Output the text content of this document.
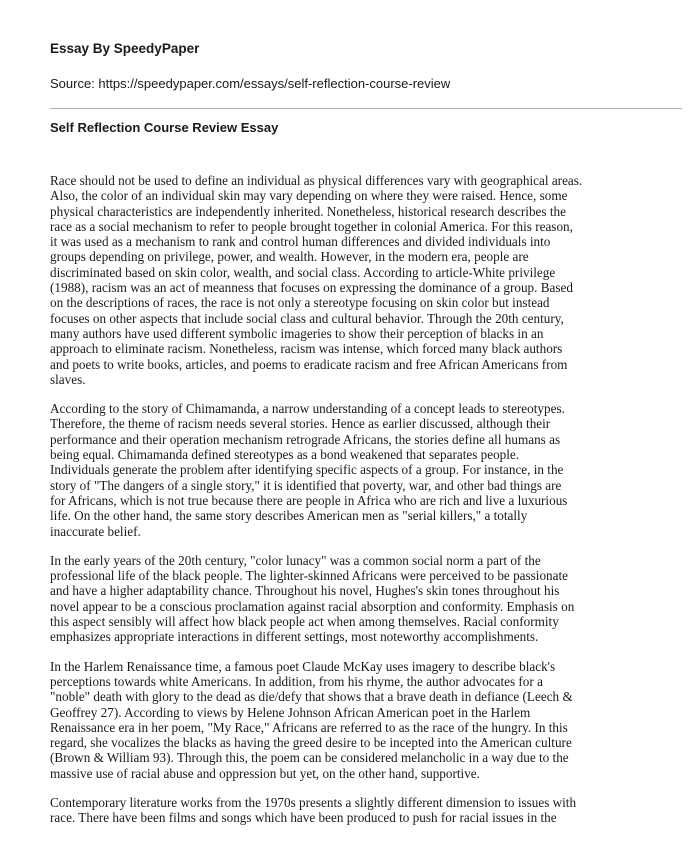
Essay By SpeedyPaper
Source: https://speedypaper.com/essays/self-reflection-course-review
Self Reflection Course Review Essay

Race should not be used to define an individual as physical differences vary with geographical areas.
Also, the color of an individual skin may vary depending on where they were raised. Hence, some
physical characteristics are independently inherited. Nonetheless, historical research describes the
race as a social mechanism to refer to people brought together in colonial America. For this reason,
it was used as a mechanism to rank and control human differences and divided individuals into
groups depending on privilege, power, and wealth. However, in the modern era, people are
discriminated based on skin color, wealth, and social class. According to article-White privilege
(1988), racism was an act of meanness that focuses on expressing the dominance of a group. Based
on the descriptions of races, the race is not only a stereotype focusing on skin color but instead
focuses on other aspects that include social class and cultural behavior. Through the 20th century,
many authors have used different symbolic imageries to show their perception of blacks in an
approach to eliminate racism. Nonetheless, racism was intense, which forced many black authors
and poets to write books, articles, and poems to eradicate racism and free African Americans from
slaves.

According to the story of Chimamanda, a narrow understanding of a concept leads to stereotypes.
Therefore, the theme of racism needs several stories. Hence as earlier discussed, although their
performance and their operation mechanism retrograde Africans, the stories define all humans as
being equal. Chimamanda defined stereotypes as a bond weakened that separates people.
Individuals generate the problem after identifying specific aspects of a group. For instance, in the
story of "The dangers of a single story," it is identified that poverty, war, and other bad things are
for Africans, which is not true because there are people in Africa who are rich and live a luxurious
life. On the other hand, the same story describes American men as "serial killers," a totally
inaccurate belief.

In the early years of the 20th century, "color lunacy" was a common social norm a part of the
professional life of the black people. The lighter-skinned Africans were perceived to be passionate
and have a higher adaptability chance. Throughout his novel, Hughes's skin tones throughout his
novel appear to be a conscious proclamation against racial absorption and conformity. Emphasis on
this aspect sensibly will affect how black people act when among themselves. Racial conformity
emphasizes appropriate interactions in different settings, most noteworthy accomplishments.

In the Harlem Renaissance time, a famous poet Claude McKay uses imagery to describe black's
perceptions towards white Americans. In addition, from his rhyme, the author advocates for a
"noble" death with glory to the dead as die/defy that shows that a brave death in defiance (Leech &
Geoffrey 27). According to views by Helene Johnson African American poet in the Harlem
Renaissance era in her poem, "My Race," Africans are referred to as the race of the hungry. In this
regard, she vocalizes the blacks as having the greed desire to be incepted into the American culture
(Brown & William 93). Through this, the poem can be considered melancholic in a way due to the
massive use of racial abuse and oppression but yet, on the other hand, supportive.

Contemporary literature works from the 1970s presents a slightly different dimension to issues with
race. There have been films and songs which have been produced to push for racial issues in the
